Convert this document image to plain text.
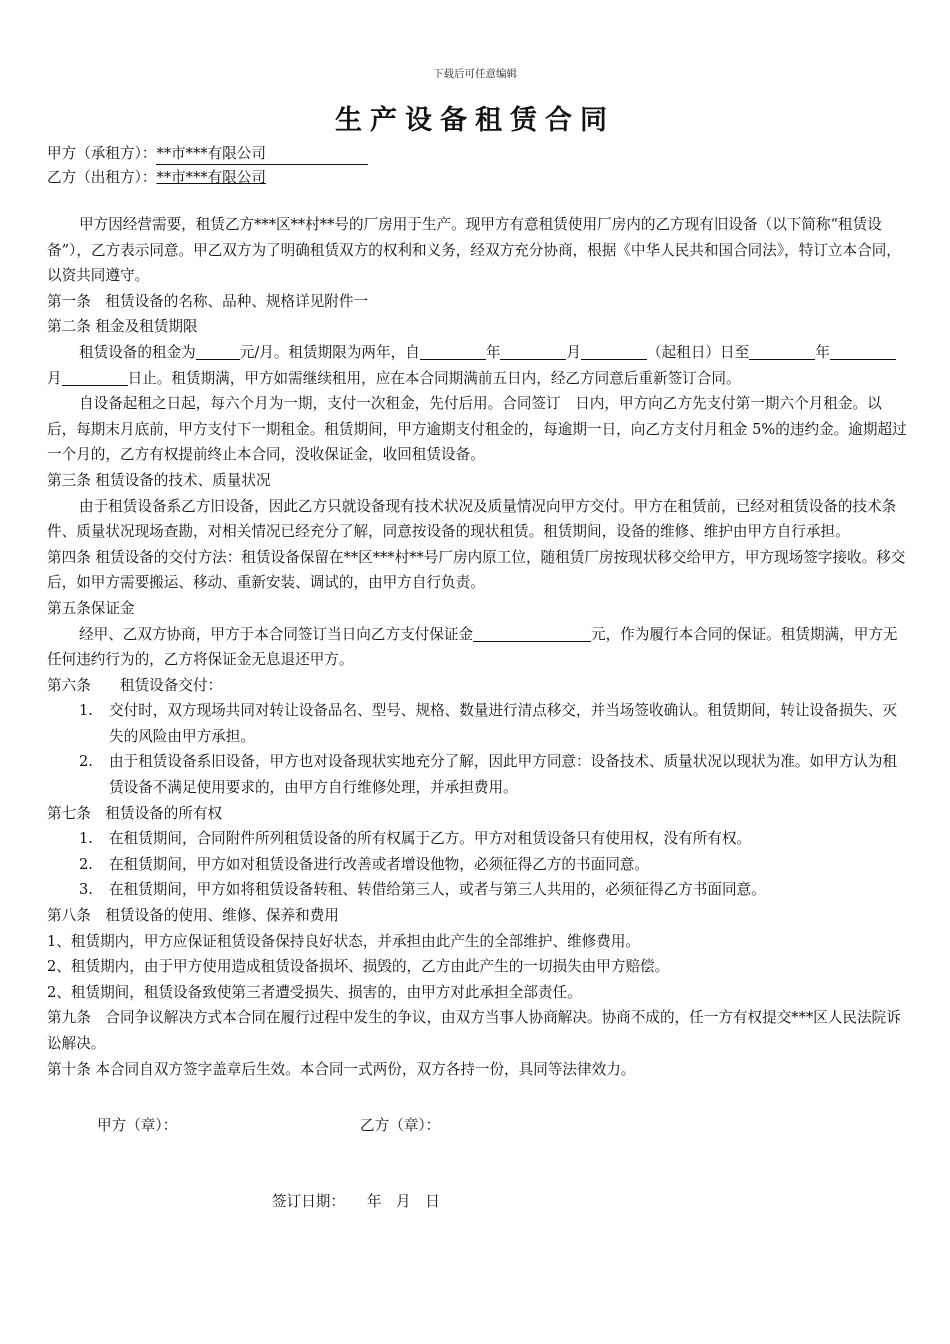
下载后可任意编辑
生产设备租赁合同
甲方（承租方）：**市***有限公司
乙方（出租方）：**市***有限公司

甲方因经营需要，租赁乙方***区**村**号的厂房用于生产。现甲方有意租赁使用厂房内的乙方现有旧设备（以下简称“租赁设备”），乙方表示同意。甲乙双方为了明确租赁双方的权利和义务，经双方充分协商，根据《中华人民共和国合同法》，特订立本合同，以资共同遵守。

第一条　租赁设备的名称、品种、规格详见附件一

第二条 租金及租赁期限

租赁设备的租金为	元/月。租赁期限为两年，自	年	月	（起租日）日至	年月	日止。租赁期满，甲方如需继续租用，应在本合同期满前五日内，经乙方同意后重新签订合同。

自设备起租之日起，每六个月为一期，支付一次租金，先付后用。合同签订　日内，甲方向乙方先支付第一期六个月租金。以后，每期末月底前，甲方支付下一期租金。租赁期间，甲方逾期支付租金的，每逾期一日，向乙方支付月租金 5%的违约金。逾期超过一个月的，乙方有权提前终止本合同，没收保证金，收回租赁设备。

第三条 租赁设备的技术、质量状况

由于租赁设备系乙方旧设备，因此乙方只就设备现有技术状况及质量情况向甲方交付。甲方在租赁前，已经对租赁设备的技术条件、质量状况现场查勘，对相关情况已经充分了解，同意按设备的现状租赁。租赁期间，设备的维修、维护由甲方自行承担。

第四条 租赁设备的交付方法：租赁设备保留在**区***村**号厂房内原工位，随租赁厂房按现状移交给甲方，甲方现场签字接收。移交后，如甲方需要搬运、移动、重新安装、调试的，由甲方自行负责。

第五条保证金

经甲、乙双方协商，甲方于本合同签订当日向乙方支付保证金	元，作为履行本合同的保证。租赁期满，甲方无任何违约行为的，乙方将保证金无息退还甲方。

第六条　　租赁设备交付：

1.	交付时，双方现场共同对转让设备品名、型号、规格、数量进行清点移交，并当场签收确认。租赁期间，转让设备损失、灭失的风险由甲方承担。
2.	由于租赁设备系旧设备，甲方也对设备现状实地充分了解，因此甲方同意：设备技术、质量状况以现状为准。如甲方认为租赁设备不满足使用要求的，由甲方自行维修处理，并承担费用。

第七条　租赁设备的所有权

1.	在租赁期间，合同附件所列租赁设备的所有权属于乙方。甲方对租赁设备只有使用权，没有所有权。
2.	在租赁期间，甲方如对租赁设备进行改善或者增设他物，必须征得乙方的书面同意。
3.	在租赁期间，甲方如将租赁设备转租、转借给第三人，或者与第三人共用的，必须征得乙方书面同意。

第八条　租赁设备的使用、维修、保养和费用

1、租赁期内，甲方应保证租赁设备保持良好状态，并承担由此产生的全部维护、维修费用。

2、租赁期内，由于甲方使用造成租赁设备损坏、损毁的，乙方由此产生的一切损失由甲方赔偿。

2、租赁期间，租赁设备致使第三者遭受损失、损害的，由甲方对此承担全部责任。

第九条　合同争议解决方式本合同在履行过程中发生的争议，由双方当事人协商解决。协商不成的，任一方有权提交***区人民法院诉讼解决。

第十条 本合同自双方签字盖章后生效。本合同一式两份，双方各持一份，具同等法律效力。

甲方（章）：	乙方（章）：
签订日期：　　年　月　日
